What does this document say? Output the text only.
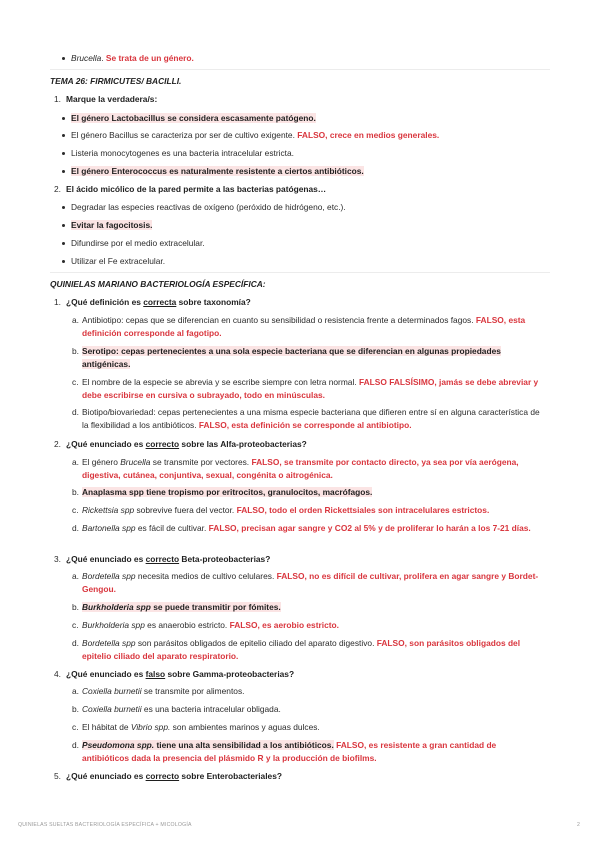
Brucella. Se trata de un género.
TEMA 26: FIRMICUTES/ BACILLI.
1. Marque la verdadera/s:
El género Lactobacillus se considera escasamente patógeno.
El género Bacillus se caracteriza por ser de cultivo exigente. FALSO, crece en medios generales.
Listeria monocytogenes es una bacteria intracelular estricta.
El género Enterococcus es naturalmente resistente a ciertos antibióticos.
2. El ácido micólico de la pared permite a las bacterias patógenas…
Degradar las especies reactivas de oxígeno (peróxido de hidrógeno, etc.).
Evitar la fagocitosis.
Difundirse por el medio extracelular.
Utilizar el Fe extracelular.
QUINIELAS MARIANO BACTERIOLOGÍA ESPECÍFICA:
1. ¿Qué definición es correcta sobre taxonomía?
a. Antibiotipo: cepas que se diferencian en cuanto su sensibilidad o resistencia frente a determinados fagos. FALSO, esta definición corresponde al fagotipo.
b. Serotipo: cepas pertenecientes a una sola especie bacteriana que se diferencian en algunas propiedades antigénicas.
c. El nombre de la especie se abrevia y se escribe siempre con letra normal. FALSO FALSÍSIMO, jamás se debe abreviar y debe escribirse en cursiva o subrayado, todo en minúsculas.
d. Biotipo/biovariedad: cepas pertenecientes a una misma especie bacteriana que difieren entre sí en alguna característica de la flexibilidad a los antibióticos. FALSO, esta definición se corresponde al antibiotipo.
2. ¿Qué enunciado es correcto sobre las Alfa-proteobacterias?
a. El género Brucella se transmite por vectores. FALSO, se transmite por contacto directo, ya sea por vía aerógena, digestiva, cutánea, conjuntiva, sexual, congénita o aitrogénica.
b. Anaplasma spp tiene tropismo por eritrocitos, granulocitos, macrófagos.
c. Rickettsia spp sobrevive fuera del vector. FALSO, todo el orden Rickettsiales son intracelulares estrictos.
d. Bartonella spp es fácil de cultivar. FALSO, precisan agar sangre y CO2 al 5% y de proliferar lo harán a los 7-21 días.
3. ¿Qué enunciado es correcto Beta-proteobacterias?
a. Bordetella spp necesita medios de cultivo celulares. FALSO, no es difícil de cultivar, prolifera en agar sangre y Bordet-Gengou.
b. Burkholderia spp se puede transmitir por fómites.
c. Burkholderia spp es anaerobio estricto. FALSO, es aerobio estricto.
d. Bordetella spp son parásitos obligados de epitelio ciliado del aparato digestivo. FALSO, son parásitos obligados del epitelio ciliado del aparato respiratorio.
4. ¿Qué enunciado es falso sobre Gamma-proteobacterias?
a. Coxiella burnetii se transmite por alimentos.
b. Coxiella burnetii es una bacteria intracelular obligada.
c. El hábitat de Vibrio spp. son ambientes marinos y aguas dulces.
d. Pseudomona spp. tiene una alta sensibilidad a los antibióticos. FALSO, es resistente a gran cantidad de antibióticos dada la presencia del plásmido R y la producción de biofilms.
5. ¿Qué enunciado es correcto sobre Enterobacteriales?
QUINIELAS SUELTAS BACTERIOLOGÍA ESPECÍFICA + MICOLOGÍA	2
